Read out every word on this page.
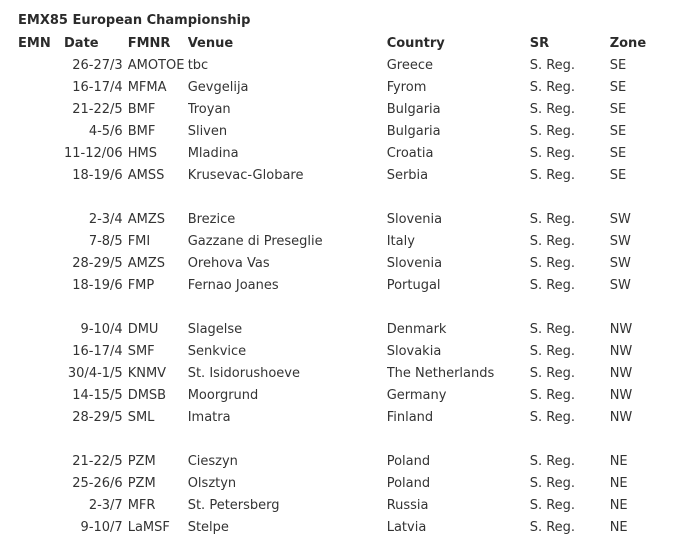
EMX85 European Championship
EMN	Date	FMNR	Venue	Country	SR	Zone
	26-27/3	AMOTOE	tbc	Greece	S. Reg.	SE
	16-17/4	MFMA	Gevgelija	Fyrom	S. Reg.	SE
	21-22/5	BMF	Troyan	Bulgaria	S. Reg.	SE
	4-5/6	BMF	Sliven	Bulgaria	S. Reg.	SE
	11-12/06	HMS	Mladina	Croatia	S. Reg.	SE
	18-19/6	AMSS	Krusevac-Globare	Serbia	S. Reg.	SE

	2-3/4	AMZS	Brezice	Slovenia	S. Reg.	SW
	7-8/5	FMI	Gazzane di Preseglie	Italy	S. Reg.	SW
	28-29/5	AMZS	Orehova Vas	Slovenia	S. Reg.	SW
	18-19/6	FMP	Fernao Joanes	Portugal	S. Reg.	SW

	9-10/4	DMU	Slagelse	Denmark	S. Reg.	NW
	16-17/4	SMF	Senkvice	Slovakia	S. Reg.	NW
	30/4-1/5	KNMV	St. Isidorushoeve	The Netherlands	S. Reg.	NW
	14-15/5	DMSB	Moorgrund	Germany	S. Reg.	NW
	28-29/5	SML	Imatra	Finland	S. Reg.	NW

	21-22/5	PZM	Cieszyn	Poland	S. Reg.	NE
	25-26/6	PZM	Olsztyn	Poland	S. Reg.	NE
	2-3/7	MFR	St. Petersberg	Russia	S. Reg.	NE
	9-10/7	LaMSF	Stelpe	Latvia	S. Reg.	NE
